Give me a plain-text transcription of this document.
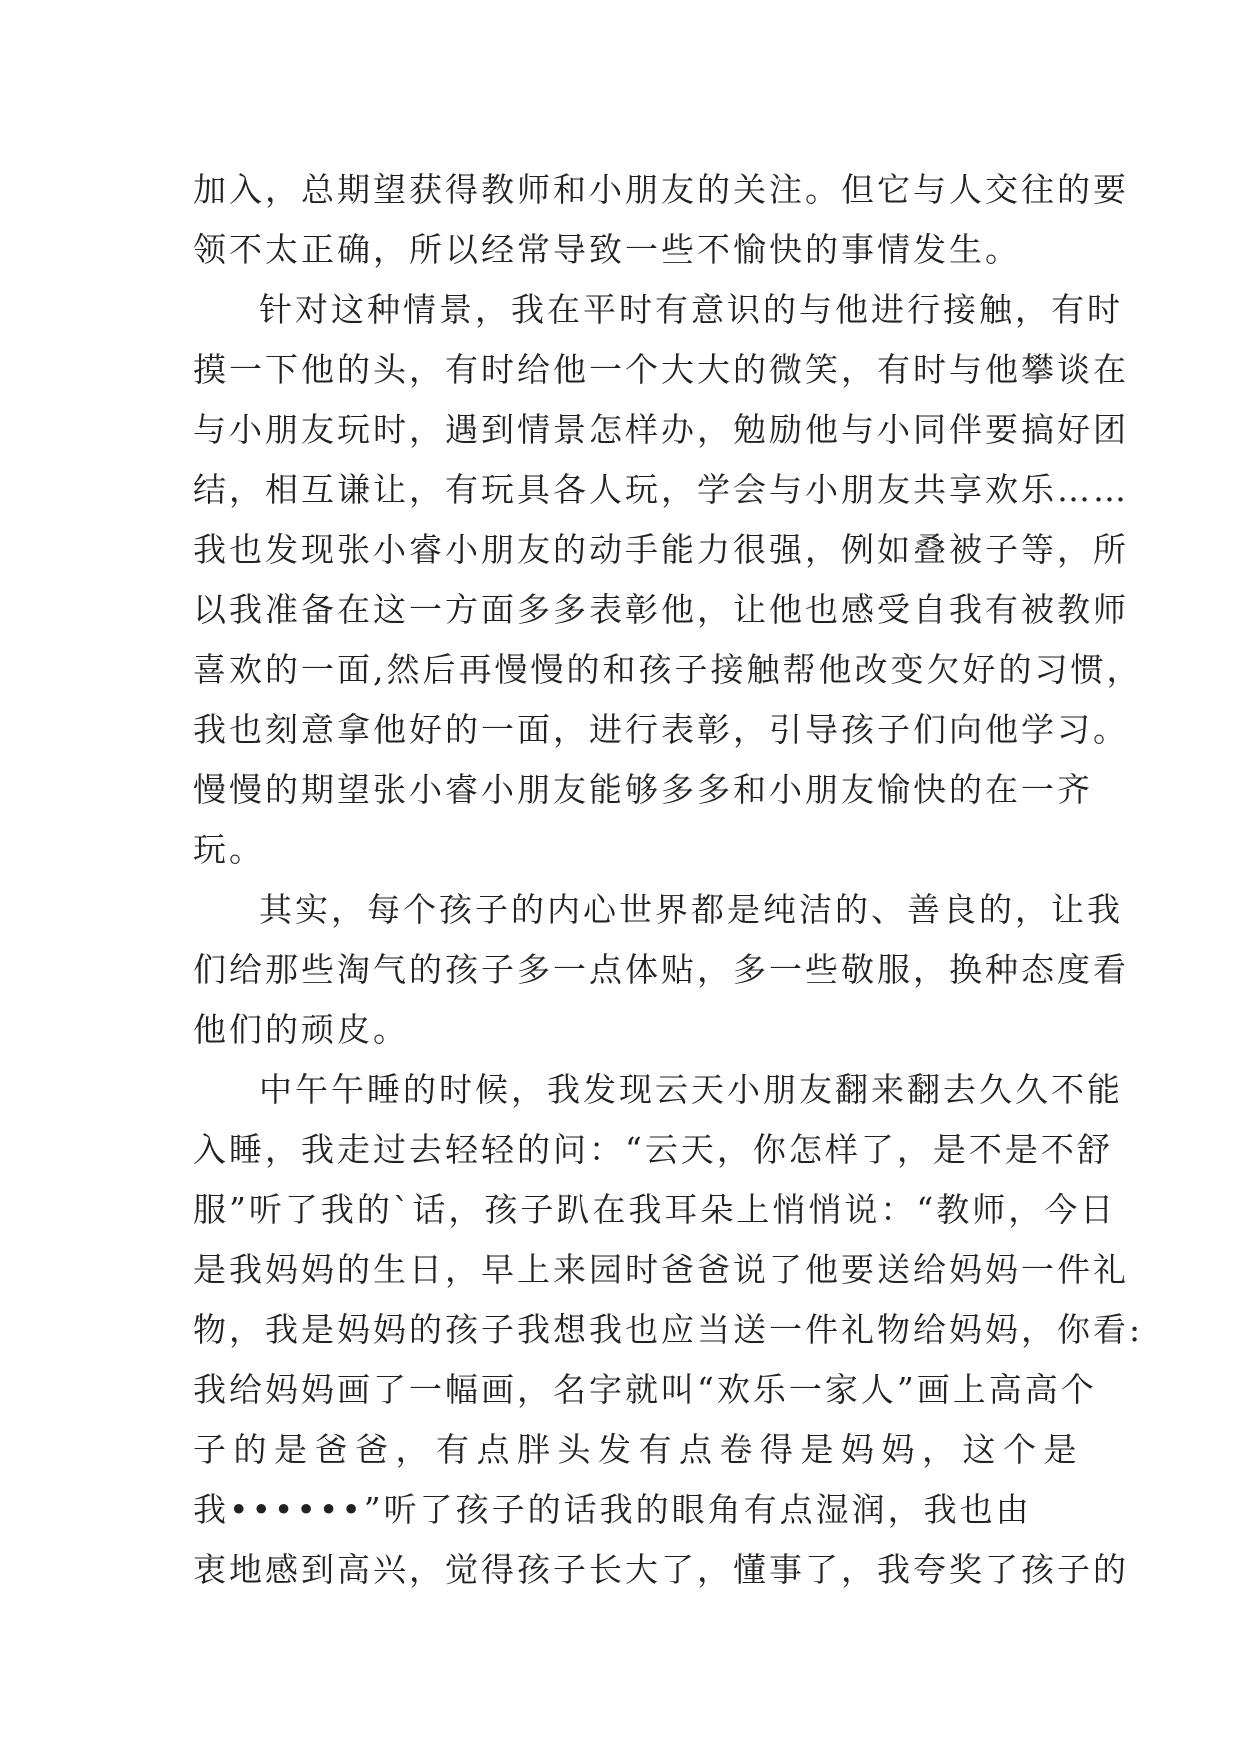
加入，总期望获得教师和小朋友的关注。但它与人交往的要
领不太正确，所以经常导致一些不愉快的事情发生。
针对这种情景，我在平时有意识的与他进行接触，有时
摸一下他的头，有时给他一个大大的微笑，有时与他攀谈在
与小朋友玩时，遇到情景怎样办，勉励他与小同伴要搞好团
结，相互谦让，有玩具各人玩，学会与小朋友共享欢乐……
我也发现张小睿小朋友的动手能力很强，例如叠被子等，所
以我准备在这一方面多多表彰他，让他也感受自我有被教师
喜欢的一面,然后再慢慢的和孩子接触帮他改变欠好的习惯，
我也刻意拿他好的一面，进行表彰，引导孩子们向他学习。
慢慢的期望张小睿小朋友能够多多和小朋友愉快的在一齐
玩。
其实，每个孩子的内心世界都是纯洁的、善良的，让我
们给那些淘气的孩子多一点体贴，多一些敬服，换种态度看
他们的顽皮。
中午午睡的时候，我发现云天小朋友翻来翻去久久不能
入睡，我走过去轻轻的问：“云天，你怎样了，是不是不舒
服”听了我的`话，孩子趴在我耳朵上悄悄说：“教师，今日
是我妈妈的生日，早上来园时爸爸说了他要送给妈妈一件礼
物，我是妈妈的孩子我想我也应当送一件礼物给妈妈，你看:
我给妈妈画了一幅画，名字就叫“欢乐一家人”画上高高个
子的是爸爸，有点胖头发有点卷得是妈妈，这个是
我••••••”听了孩子的话我的眼角有点湿润，我也由
衷地感到高兴，觉得孩子长大了，懂事了，我夸奖了孩子的
